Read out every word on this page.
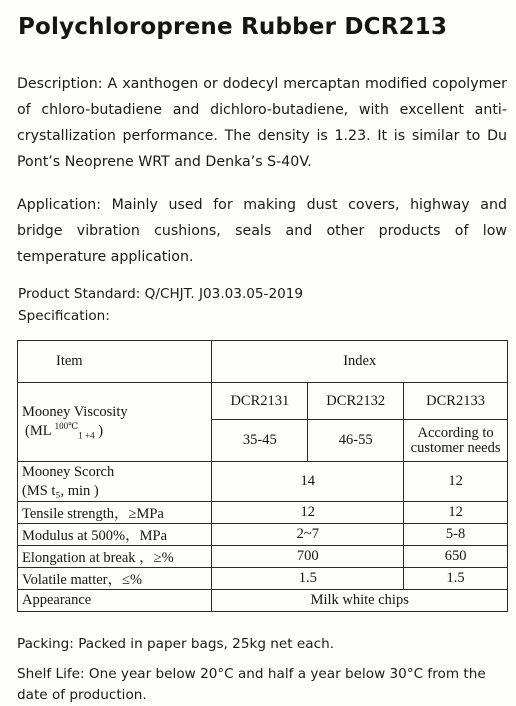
Polychloroprene Rubber DCR213
Description: A xanthogen or dodecyl mercaptan modified copolymer of chloro-butadiene and dichloro-butadiene, with excellent anti-crystallization performance. The density is 1.23. It is similar to Du Pont’s Neoprene WRT and Denka’s S-40V.
Application: Mainly used for making dust covers, highway and bridge vibration cushions, seals and other products of low temperature application.
Product Standard: Q/CHJT. J03.03.05-2019
Specification:
Item	Index		

Mooney Viscosity
(ML $^{100℃}_{1 +4}$ )	DCR2131	DCR2132	DCR2133
	35-45	46-55	According to customer needs

Mooney Scorch
(MS t₅, min )	14		12
Tensile strength，≥MPa	12		12
Modulus at 500%，MPa	2~7		5-8
Elongation at break ，≥%	700		650
Volatile matter，≤%	1.5		1.5
Appearance	Milk white chips		
Packing: Packed in paper bags, 25kg net each.
Shelf Life: One year below 20°C and half a year below 30°C from the date of production.
